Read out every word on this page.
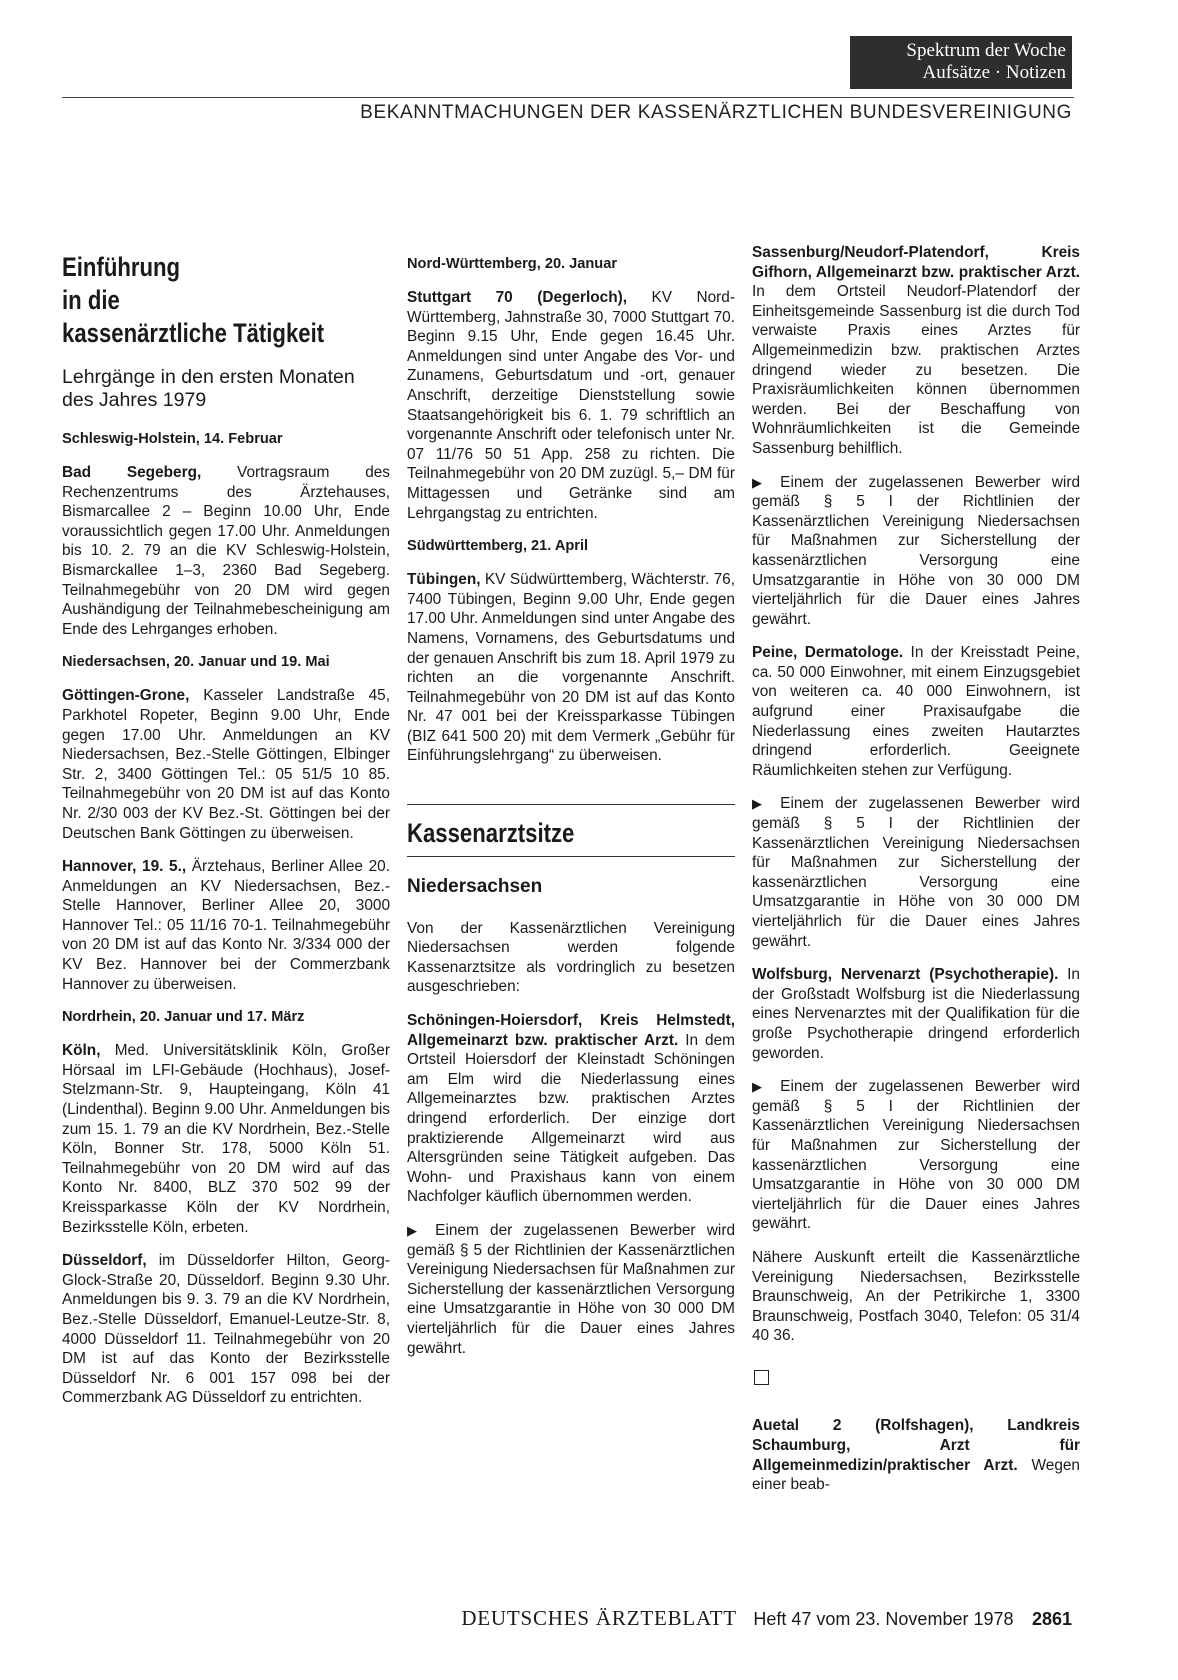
Spektrum der Woche
Aufsätze · Notizen
BEKANNTMACHUNGEN DER KASSENÄRZTLICHEN BUNDESVEREINIGUNG
Einführung
in die
kassenärztliche Tätigkeit
Lehrgänge in den ersten Monaten des Jahres 1979
Schleswig-Holstein, 14. Februar

Bad Segeberg, Vortragsraum des Rechenzentrums des Ärztehauses, Bismarcallee 2 – Beginn 10.00 Uhr, Ende voraussichtlich gegen 17.00 Uhr. Anmeldungen bis 10. 2. 79 an die KV Schleswig-Holstein, Bismarckallee 1–3, 2360 Bad Segeberg. Teilnahmegebühr von 20 DM wird gegen Aushändigung der Teilnahmebescheinigung am Ende des Lehrganges erhoben.

Niedersachsen, 20. Januar und 19. Mai

Göttingen-Grone, Kasseler Landstraße 45, Parkhotel Ropeter, Beginn 9.00 Uhr, Ende gegen 17.00 Uhr. Anmeldungen an KV Niedersachsen, Bez.-Stelle Göttingen, Elbinger Str. 2, 3400 Göttingen Tel.: 05 51/5 10 85. Teilnahmegebühr von 20 DM ist auf das Konto Nr. 2/30 003 der KV Bez.-St. Göttingen bei der Deutschen Bank Göttingen zu überweisen.

Hannover, 19. 5., Ärztehaus, Berliner Allee 20. Anmeldungen an KV Niedersachsen, Bez.-Stelle Hannover, Berliner Allee 20, 3000 Hannover Tel.: 05 11/16 70-1. Teilnahmegebühr von 20 DM ist auf das Konto Nr. 3/334 000 der KV Bez. Hannover bei der Commerzbank Hannover zu überweisen.

Nordrhein, 20. Januar und 17. März

Köln, Med. Universitätsklinik Köln, Großer Hörsaal im LFI-Gebäude (Hochhaus), Josef-Stelzmann-Str. 9, Haupteingang, Köln 41 (Lindenthal). Beginn 9.00 Uhr. Anmeldungen bis zum 15. 1. 79 an die KV Nordrhein, Bez.-Stelle Köln, Bonner Str. 178, 5000 Köln 51. Teilnahmegebühr von 20 DM wird auf das Konto Nr. 8400, BLZ 370 502 99 der Kreissparkasse Köln der KV Nordrhein, Bezirksstelle Köln, erbeten.

Düsseldorf, im Düsseldorfer Hilton, Georg-Glock-Straße 20, Düsseldorf. Beginn 9.30 Uhr. Anmeldungen bis 9. 3. 79 an die KV Nordrhein, Bez.-Stelle Düsseldorf, Emanuel-Leutze-Str. 8, 4000 Düsseldorf 11. Teilnahmegebühr von 20 DM ist auf das Konto der Bezirksstelle Düsseldorf Nr. 6 001 157 098 bei der Commerzbank AG Düsseldorf zu entrichten.

Nord-Württemberg, 20. Januar

Stuttgart 70 (Degerloch), KV Nord-Württemberg, Jahnstraße 30, 7000 Stuttgart 70. Beginn 9.15 Uhr, Ende gegen 16.45 Uhr. Anmeldungen sind unter Angabe des Vor- und Zunamens, Geburtsdatum und -ort, genauer Anschrift, derzeitige Dienststellung sowie Staatsangehörigkeit bis 6. 1. 79 schriftlich an vorgenannte Anschrift oder telefonisch unter Nr. 07 11/76 50 51 App. 258 zu richten. Die Teilnahmegebühr von 20 DM zuzügl. 5,– DM für Mittagessen und Getränke sind am Lehrgangstag zu entrichten.

Südwürttemberg, 21. April

Tübingen, KV Südwürttemberg, Wächterstr. 76, 7400 Tübingen, Beginn 9.00 Uhr, Ende gegen 17.00 Uhr. Anmeldungen sind unter Angabe des Namens, Vornamens, des Geburtsdatums und der genauen Anschrift bis zum 18. April 1979 zu richten an die vorgenannte Anschrift. Teilnahmegebühr von 20 DM ist auf das Konto Nr. 47 001 bei der Kreissparkasse Tübingen (BIZ 641 500 20) mit dem Vermerk „Gebühr für Einführungslehrgang“ zu überweisen.

Kassenarztsitze
Niedersachsen

Von der Kassenärztlichen Vereinigung Niedersachsen werden folgende Kassenarztsitze als vordringlich zu besetzen ausgeschrieben:

Schöningen-Hoiersdorf, Kreis Helmstedt, Allgemeinarzt bzw. praktischer Arzt. In dem Ortsteil Hoiersdorf der Kleinstadt Schöningen am Elm wird die Niederlassung eines Allgemeinarztes bzw. praktischen Arztes dringend erforderlich. Der einzige dort praktizierende Allgemeinarzt wird aus Altersgründen seine Tätigkeit aufgeben. Das Wohn- und Praxishaus kann von einem Nachfolger käuflich übernommen werden.

▶ Einem der zugelassenen Bewerber wird gemäß § 5 der Richtlinien der Kassenärztlichen Vereinigung Niedersachsen für Maßnahmen zur Sicherstellung der kassenärztlichen Versorgung eine Umsatzgarantie in Höhe von 30 000 DM vierteljährlich für die Dauer eines Jahres gewährt.

Sassenburg/Neudorf-Platendorf, Kreis Gifhorn, Allgemeinarzt bzw. praktischer Arzt. In dem Ortsteil Neudorf-Platendorf der Einheitsgemeinde Sassenburg ist die durch Tod verwaiste Praxis eines Arztes für Allgemeinmedizin bzw. praktischen Arztes dringend wieder zu besetzen. Die Praxisräumlichkeiten können übernommen werden. Bei der Beschaffung von Wohnräumlichkeiten ist die Gemeinde Sassenburg behilflich.

▶ Einem der zugelassenen Bewerber wird gemäß § 5 I der Richtlinien der Kassenärztlichen Vereinigung Niedersachsen für Maßnahmen zur Sicherstellung der kassenärztlichen Versorgung eine Umsatzgarantie in Höhe von 30 000 DM vierteljährlich für die Dauer eines Jahres gewährt.

Peine, Dermatologe. In der Kreisstadt Peine, ca. 50 000 Einwohner, mit einem Einzugsgebiet von weiteren ca. 40 000 Einwohnern, ist aufgrund einer Praxisaufgabe die Niederlassung eines zweiten Hautarztes dringend erforderlich. Geeignete Räumlichkeiten stehen zur Verfügung.

▶ Einem der zugelassenen Bewerber wird gemäß § 5 I der Richtlinien der Kassenärztlichen Vereinigung Niedersachsen für Maßnahmen zur Sicherstellung der kassenärztlichen Versorgung eine Umsatzgarantie in Höhe von 30 000 DM vierteljährlich für die Dauer eines Jahres gewährt.

Wolfsburg, Nervenarzt (Psychotherapie). In der Großstadt Wolfsburg ist die Niederlassung eines Nervenarztes mit der Qualifikation für die große Psychotherapie dringend erforderlich geworden.

▶ Einem der zugelassenen Bewerber wird gemäß § 5 I der Richtlinien der Kassenärztlichen Vereinigung Niedersachsen für Maßnahmen zur Sicherstellung der kassenärztlichen Versorgung eine Umsatzgarantie in Höhe von 30 000 DM vierteljährlich für die Dauer eines Jahres gewährt.

Nähere Auskunft erteilt die Kassenärztliche Vereinigung Niedersachsen, Bezirksstelle Braunschweig, An der Petrikirche 1, 3300 Braunschweig, Postfach 3040, Telefon: 05 31/4 40 36.

Auetal 2 (Rolfshagen), Landkreis Schaumburg, Arzt für Allgemeinmedizin/praktischer Arzt. Wegen einer beab-

DEUTSCHES ÄRZTEBLATT Heft 47 vom 23. November 1978 2861
